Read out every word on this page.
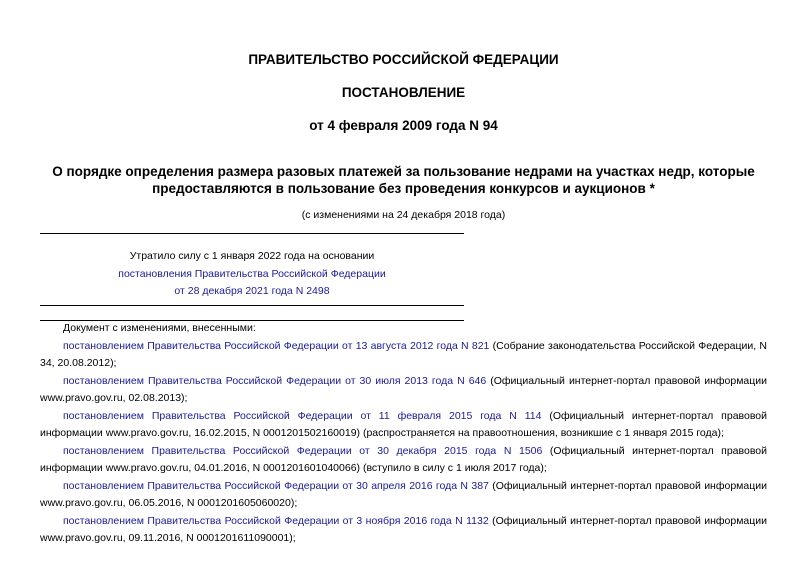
ПРАВИТЕЛЬСТВО РОССИЙСКОЙ ФЕДЕРАЦИИ
ПОСТАНОВЛЕНИЕ
от 4 февраля 2009 года N 94
О порядке определения размера разовых платежей за пользование недрами на участках недр, которые
предоставляются в пользование без проведения конкурсов и аукционов *
(с изменениями на 24 декабря 2018 года)
Утратило силу с 1 января 2022 года на основании
постановления Правительства Российской Федерации
от 28 декабря 2021 года N 2498

Документ с изменениями, внесенными:

постановлением Правительства Российской Федерации от 13 августа 2012 года N 821 (Собрание законодательства Российской Федерации, N 34, 20.08.2012);

постановлением Правительства Российской Федерации от 30 июля 2013 года N 646 (Официальный интернет-портал правовой информации www.pravo.gov.ru, 02.08.2013);

постановлением Правительства Российской Федерации от 11 февраля 2015 года N 114 (Официальный интернет-портал правовой информации www.pravo.gov.ru, 16.02.2015, N 0001201502160019) (распространяется на правоотношения, возникшие с 1 января 2015 года);

постановлением Правительства Российской Федерации от 30 декабря 2015 года N 1506 (Официальный интернет-портал правовой информации www.pravo.gov.ru, 04.01.2016, N 0001201601040066) (вступило в силу с 1 июля 2017 года);

постановлением Правительства Российской Федерации от 30 апреля 2016 года N 387 (Официальный интернет-портал правовой информации www.pravo.gov.ru, 06.05.2016, N 0001201605060020);

постановлением Правительства Российской Федерации от 3 ноября 2016 года N 1132 (Официальный интернет-портал правовой информации www.pravo.gov.ru, 09.11.2016, N 0001201611090001);
